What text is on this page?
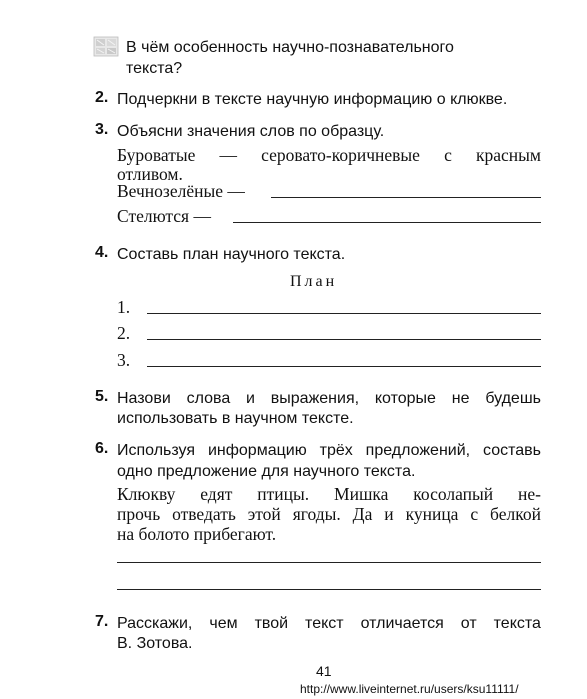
В чём особенность научно-познавательного
текста?
2. Подчеркни в тексте научную информацию о клюкве.
3. Объясни значения слов по образцу.
Буроватые — серовато-коричневые с красным
отливом.
Вечнозелёные —
Стелются —
4. Составь план научного текста.
План
1.
2.
3.
5. Назови слова и выражения, которые не будешь
использовать в научном тексте.
6. Используя информацию трёх предложений, составь
одно предложение для научного текста.
Клюкву едят птицы. Мишка косолапый не-
прочь отведать этой ягоды. Да и куница с белкой
на болото прибегают.
7. Расскажи, чем твой текст отличается от текста
В. Зотова.
41
http://www.liveinternet.ru/users/ksu11111/
